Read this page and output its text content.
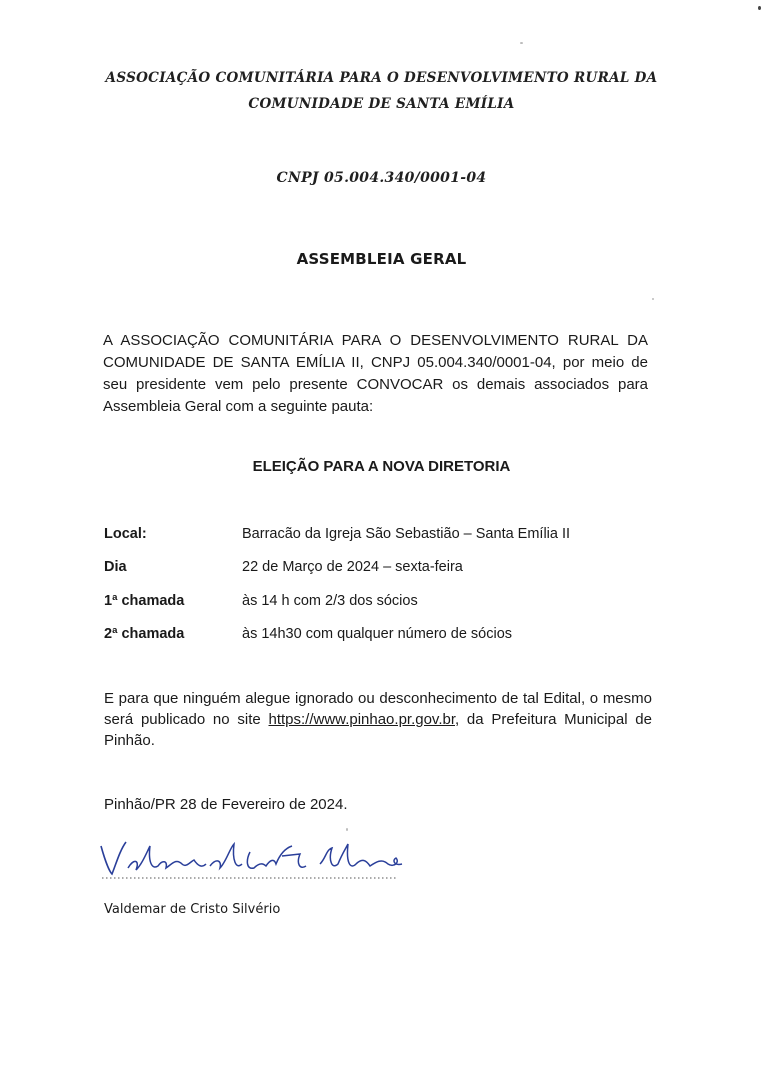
ASSOCIAÇÃO COMUNITÁRIA PARA O DESENVOLVIMENTO RURAL DA
COMUNIDADE DE SANTA EMÍLIA
CNPJ 05.004.340/0001-04
ASSEMBLEIA GERAL
A ASSOCIAÇÃO COMUNITÁRIA PARA O DESENVOLVIMENTO RURAL DA COMUNIDADE DE SANTA EMÍLIA II, CNPJ 05.004.340/0001-04, por meio de seu presidente vem pelo presente CONVOCAR os demais associados para Assembleia Geral com a seguinte pauta:
ELEIÇÃO PARA A NOVA DIRETORIA
Local:	Barracão da Igreja São Sebastião – Santa Emília II
Dia	22 de Março de 2024 – sexta-feira
1ª chamada	às 14 h com 2/3 dos sócios
2ª chamada	às 14h30 com qualquer número de sócios
E para que ninguém alegue ignorado ou desconhecimento de tal Edital, o mesmo será publicado no site https://www.pinhao.pr.gov.br, da Prefeitura Municipal de Pinhão.
Pinhão/PR 28 de Fevereiro de 2024.
Valdemar de Cristo Silvério
